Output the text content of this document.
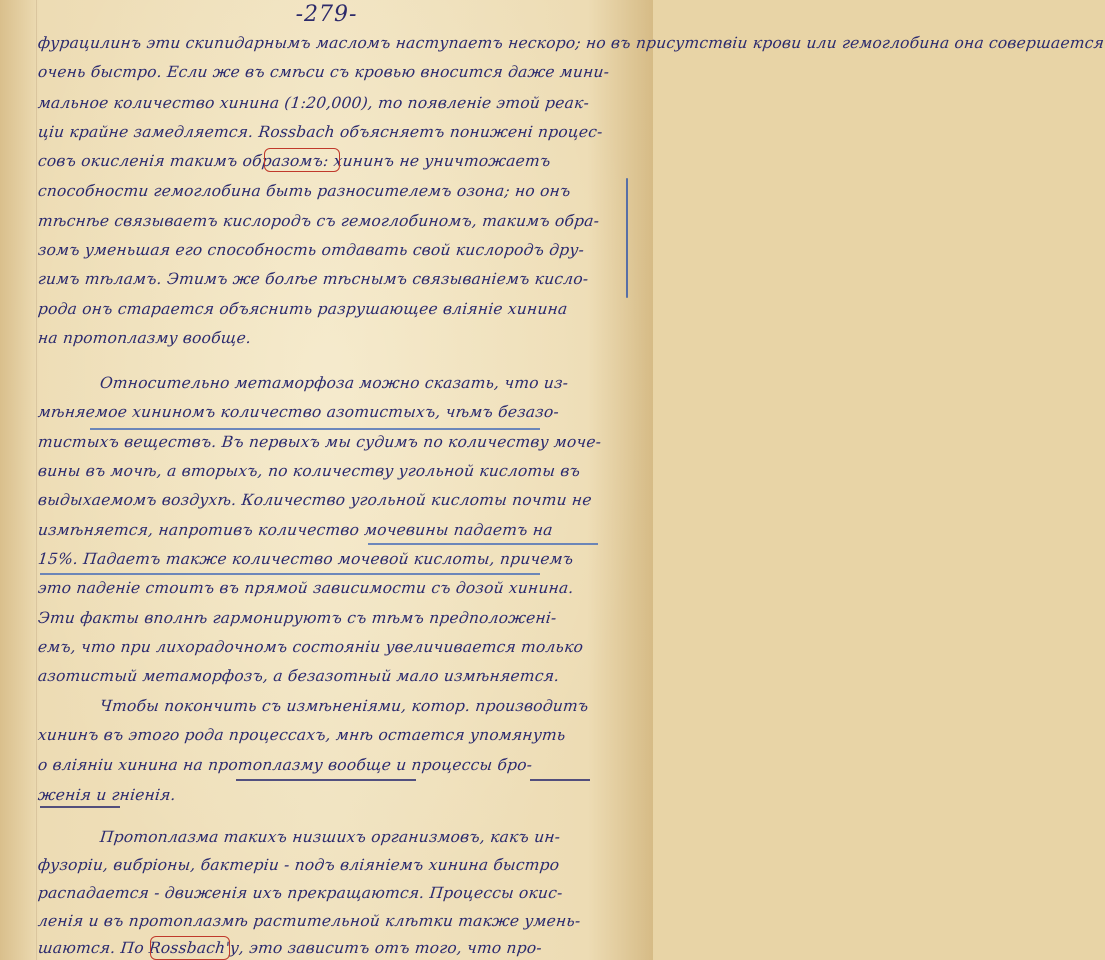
-279-
фурацилинъ эти скипидарнымъ масломъ наступаетъ нескоро; но въ присутствіи крови или гемоглобина она совершается
очень быстро. Если же въ смѣси съ кровью вносится даже мини-
мальное количество хинина (1:20,000), то появленіе этой реак-
ціи крайне замедляется. Rossbach объясняетъ понижені процес-
совъ окисленія такимъ образомъ: хининъ не уничтожаетъ
способности гемоглобина быть разносителемъ озона; но онъ
тѣснѣе связываетъ кислородъ съ гемоглобиномъ, такимъ обра-
зомъ уменьшая его способность отдавать свой кислородъ дру-
гимъ тѣламъ. Этимъ же болѣе тѣснымъ связываніемъ кисло-
рода онъ старается объяснить разрушающее вліяніе хинина
на протоплазму вообще.
Относительно метаморфоза можно сказать, что из-
мѣняемое хининомъ количество азотистыхъ, чѣмъ безазо-
тистыхъ веществъ. Въ первыхъ мы судимъ по количеству моче-
вины въ мочѣ, а вторыхъ, по количеству угольной кислоты въ
выдыхаемомъ воздухѣ. Количество угольной кислоты почти не
измѣняется, напротивъ количество мочевины падаетъ на
15%. Падаетъ также количество мочевой кислоты, причемъ
это паденіе стоитъ въ прямой зависимости съ дозой хинина.
Эти факты вполнѣ гармонируютъ съ тѣмъ предположені-
емъ, что при лихорадочномъ состояніи увеличивается только
азотистый метаморфозъ, а безазотный мало измѣняется.
Чтобы покончить съ измѣненіями, котор. производитъ
хининъ въ этого рода процессахъ, мнѣ остается упомянуть
о вліяніи хинина на протоплазму вообще и процессы бро-
женія и гніенія.
Протоплазма такихъ низшихъ организмовъ, какъ ин-
фузоріи, вибріоны, бактеріи - подъ вліяніемъ хинина быстро
распадается - движенія ихъ прекращаются. Процессы окис-
ленія и въ протоплазмѣ растительной клѣтки также умень-
шаются. По Rossbach'у, это зависитъ отъ того, что про-
